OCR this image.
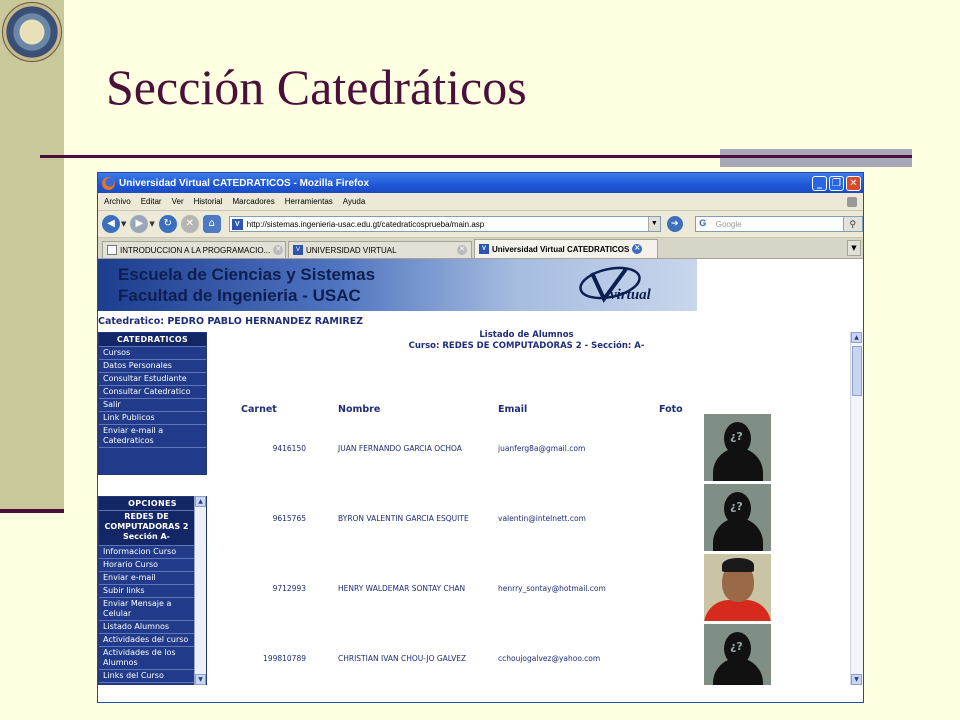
Sección Catedráticos
Universidad Virtual CATEDRATICOS - Mozilla Firefox	_	❐ ✕
Archivo Editar Ver Historial Marcadores Herramientas Ayuda
◀ ▼ ▶ ▼ ↻	✕	⌂	V http://sistemas.ingenieria-usac.edu.gt/catedraticosprueba/main.asp	▼	➔	G	Google	⚲
INTRODUCCION A LA PROGRAMACIO... ✕	V UNIVERSIDAD VIRTUAL	✕	V Universidad Virtual CATEDRATICOS ✕	▼
Escuela de Ciencias y Sistemas
Facultad de Ingenieria - USAC	virtual
Catedratico: PEDRO PABLO HERNANDEZ RAMIREZ
CATEDRATICOS
Cursos
Datos Personales
Consultar Estudiante
Consultar Catedratico
Salir
Link Publicos
Enviar e-mail a Catedraticos
OPCIONES
REDES DE COMPUTADORAS 2 Sección A-
Informacion Curso
Horario Curso
Enviar e-mail
Subir links
Enviar Mensaje a Celular
Listado Alumnos
Actividades del curso
Actividades de los Alumnos
Links del Curso
▲
▼
Listado de Alumnos
Curso: REDES DE COMPUTADORAS 2 - Sección: A-
Carnet	Nombre	Email	Foto
9416150	JUAN FERNANDO GARCIA OCHOA	juanferg8a@gmail.com
¿?
9615765	BYRON VALENTIN GARCIA ESQUITE	valentin@intelnett.com
¿?
9712993	HENRY WALDEMAR SONTAY CHAN	henrry_sontay@hotmail.com
199810789	CHRISTIAN IVAN CHOU-JO GALVEZ	cchoujogalvez@yahoo.com
¿?
▲
▼
